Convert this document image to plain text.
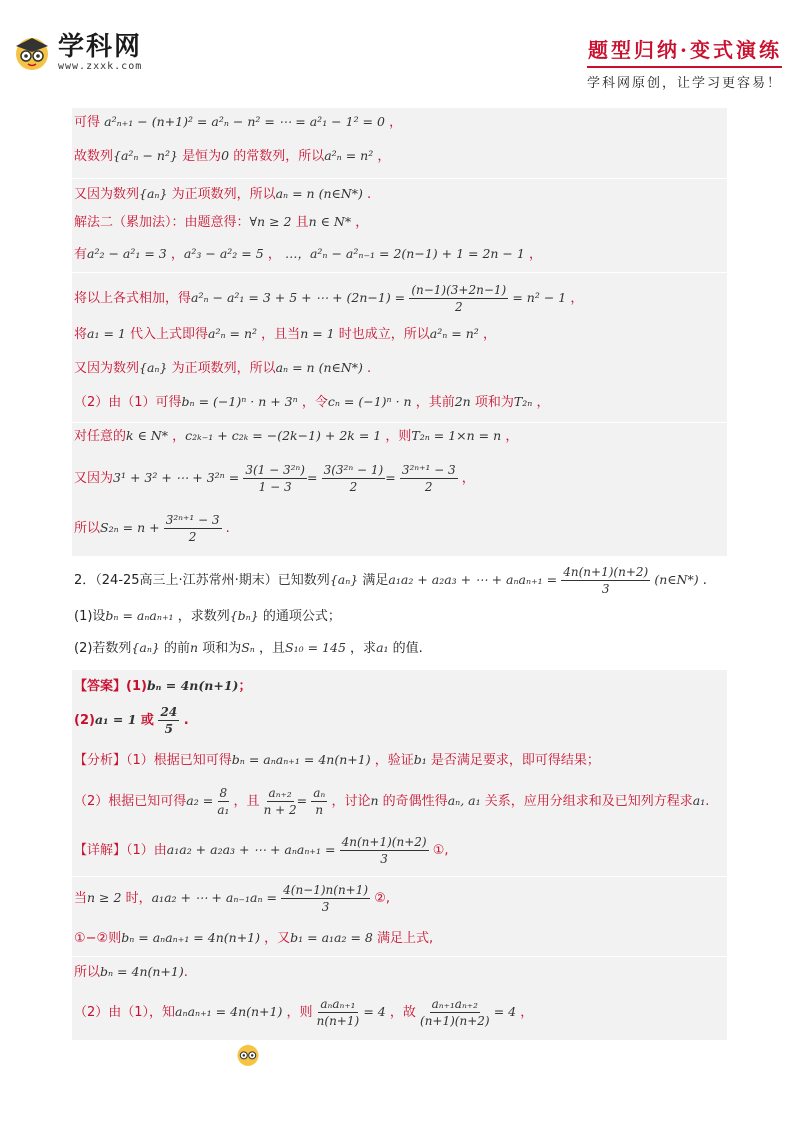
学科网
www.zxxk.com
题型归纳·变式演练
学科网原创，让学习更容易！
可得 a²ₙ₊₁ − (n+1)² = a²ₙ − n² = ⋯ = a²₁ − 1² = 0 ，
故数列{a²ₙ − n²} 是恒为0 的常数列，所以a²ₙ = n² ，
又因为数列{aₙ} 为正项数列，所以aₙ = n (n∈N*) .
解法二（累加法）：由题意得：∀n ≥ 2 且n ∈ N* ，
有a²₂ − a²₁ = 3 ，a²₃ − a²₂ = 5 ， …，a²ₙ − a²ₙ₋₁ = 2(n−1) + 1 = 2n − 1 ，
将以上各式相加，得a²ₙ − a²₁ = 3 + 5 + ⋯ + $(2n-1) = \frac{(n-1)(3+2n-1)}{2} = n^2 - 1$ ，
将a₁ = 1 代入上式即得a²ₙ = n² ，且当n = 1 时也成立，所以a²ₙ = n² ，
又因为数列{aₙ} 为正项数列，所以aₙ = n (n∈N*) .
（2）由（1）可得bₙ = (−1)ⁿ · n + 3ⁿ ，令cₙ = (−1)ⁿ · n ，其前2n 项和为T₂ₙ ，
对任意的k ∈ N* ，c₂ₖ₋₁ + c₂ₖ = −(2k−1) + 2k = 1 ，则T₂ₙ = 1×n = n ，
又因为3¹ + 3² + ⋯ + $3^{2n} = \frac{\text{3(1 − 3²ⁿ)}}{1 - 3} = \frac{\text{3(3²ⁿ − 1)}}{2} = \frac{\text{3²ⁿ⁺¹ − 3}}{2}$ ，
所以$S_{2n} = n + \frac{\text{3²ⁿ⁺¹ − 3}}{2}$ .
2．（24-25高三上·江苏常州·期末）已知数列{aₙ} 满足a₁a₂ + a₂a₃ + ⋯ + $a_na_{n+1} = \frac{4n(n+1)(n+2)}{3}$ (n∈N*) .
(1)设bₙ = aₙaₙ₊₁ ，求数列{bₙ} 的通项公式；
(2)若数列{aₙ} 的前n 项和为Sₙ ，且S₁₀ = 145 ，求a₁ 的值.
【答案】(1)bₙ = 4n(n+1)；
(2)a₁ = 1 或 $\frac{24}{5}$ .
【分析】（1）根据已知可得bₙ = aₙaₙ₊₁ = 4n(n+1) ，验证b₁ 是否满足要求，即可得结果；
（2）根据已知可得$a_2 = \frac{8}{\text{a₁}}$ ，且 $\frac{\text{aₙ₊₂}}{n + 2} = \frac{\text{aₙ}}{n}$ ，讨论n 的奇偶性得aₙ, a₁ 关系，应用分组求和及已知列方程求a₁.
【详解】（1）由a₁a₂ + a₂a₃ + ⋯ + $a_na_{n+1} = \frac{4n(n+1)(n+2)}{3}$ ①,
当n ≥ 2 时，a₁a₂ + ⋯ + $a_{n-1}a_n = \frac{4(n-1)n(n+1)}{3}$ ②,
①−②则bₙ = aₙaₙ₊₁ = 4n(n+1) ，又b₁ = a₁a₂ = 8 满足上式,
所以bₙ = 4n(n+1).
（2）由（1），知aₙaₙ₊₁ = 4n(n+1) ，则 $\frac{\text{aₙaₙ₊₁}}{n(n+1)} = 4$ ，故 $\frac{\text{aₙ₊₁aₙ₊₂}}{(n+1)(n+2)} = 4$ ，
